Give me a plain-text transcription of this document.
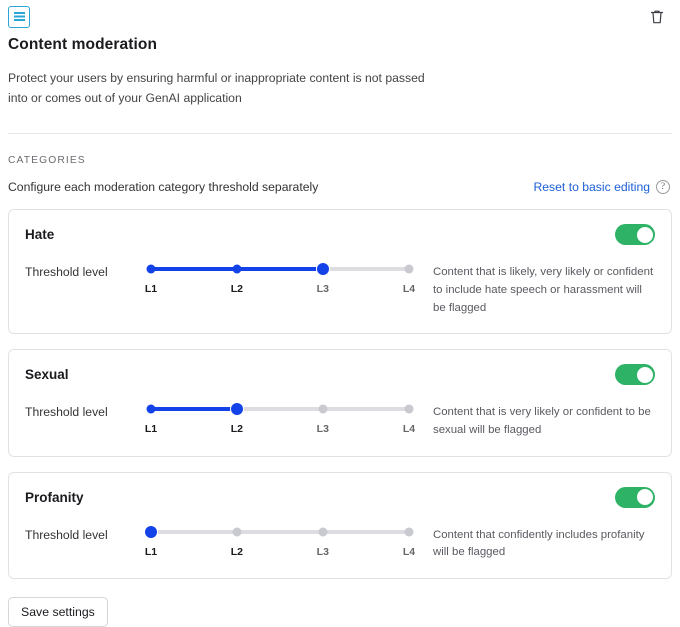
Content moderation

Protect your users by ensuring harmful or inappropriate content is not passed into or comes out of your GenAI application

CATEGORIES
Configure each moderation category threshold separately	Reset to basic editing	?
Hate
Threshold level
L1	L2	L3	L4
Content that is likely, very likely or confident to include hate speech or harassment will be flagged
Sexual
Threshold level
L1	L2	L3	L4
Content that is very likely or confident to be sexual will be flagged
Profanity
Threshold level
L1	L2	L3	L4
Content that confidently includes profanity will be flagged
Save settings
